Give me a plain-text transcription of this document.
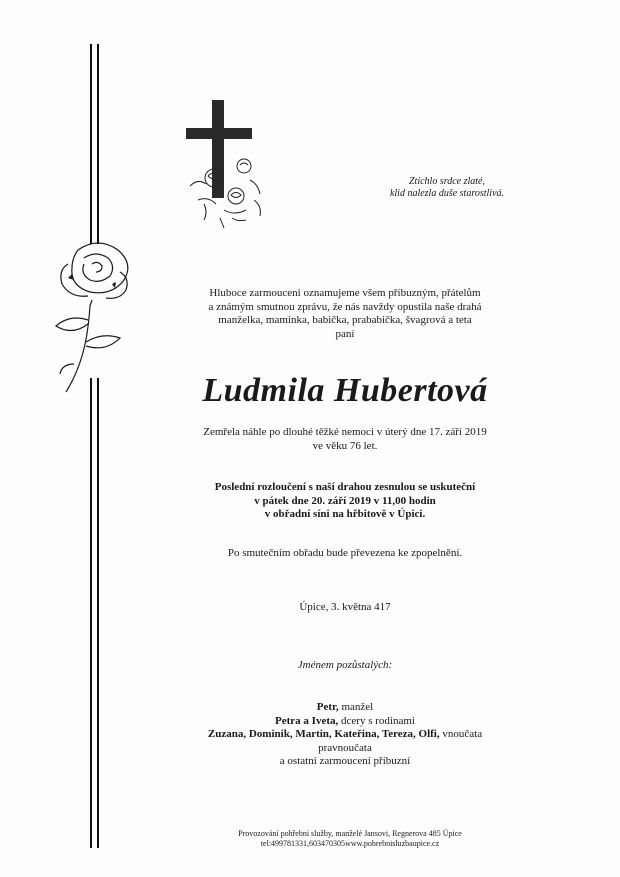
Ztichlo srdce zlaté,
klid nalezla duše starostlivá.
Hluboce zarmouceni oznamujeme všem příbuzným, přátelům
a známým smutnou zprávu, že nás navždy opustila naše drahá
manželka, maminka, babička, prababička, švagrová a teta
paní
Ludmila Hubertová
Zemřela náhle po dlouhé těžké nemoci v úterý dne 17. září 2019
ve věku 76 let.
Poslední rozloučení s naší drahou zesnulou se uskuteční
v pátek dne 20. září 2019 v 11,00 hodin
v obřadní síni na hřbitově v Úpici.
Po smutečním obřadu bude převezena ke zpopelnění.
Úpice, 3. května 417
Jménem pozůstalých:
Petr, manžel
Petra a Iveta, dcery s rodinami
Zuzana, Dominik, Martin, Kateřina, Tereza, Olfi, vnoučata
pravnoučata
a ostatní zarmoucení příbuzní
Provozování pohřební služby, manželé Jansovi, Regnerova 485 Úpice
tel:499781331,603470305www.pohrebnisluzbaupice.cz
